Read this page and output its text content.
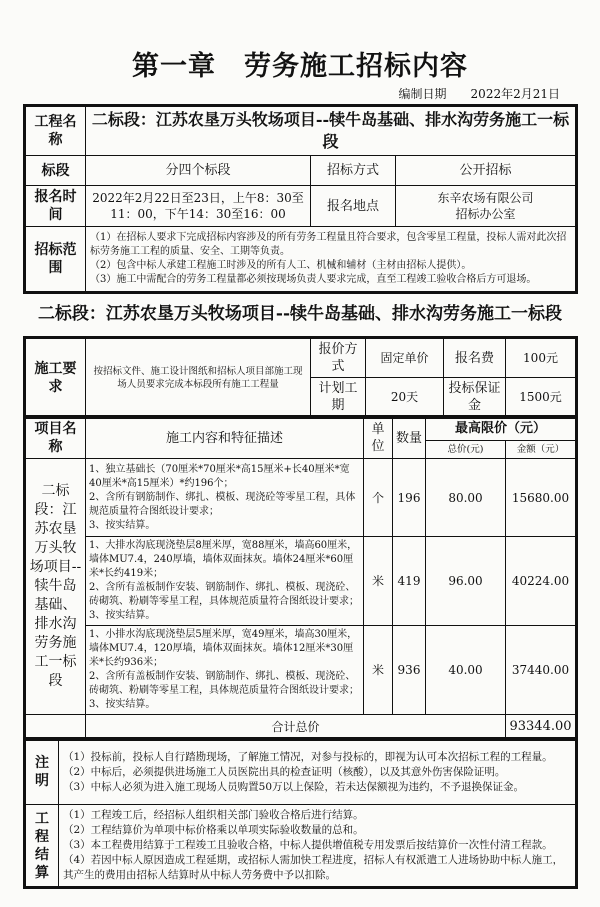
第一章　劳务施工招标内容
编制日期 2022年2月21日
工程名称	二标段：江苏农垦万头牧场项目--犊牛岛基础、排水沟劳务施工一标段		
标段	分四个标段	招标方式	公开招标
报名时间	2022年2月22日至23日，上午8：30至11：00，下午14：30至16：00	报名地点	东辛农场有限公司
招标办公室

招标范围	（1）在招标人要求下完成招标内容涉及的所有劳务工程量且符合要求，包含零星工程量，投标人需对此次招标劳务施工工程的质量、安全、工期等负责。
（2）包含中标人承建工程施工时涉及的所有人工、机械和辅材（主材由招标人提供）。
（3）施工中需配合的劳务工程量都必须按现场负责人要求完成，直至工程竣工验收合格后方可退场。		
二标段：江苏农垦万头牧场项目--犊牛岛基础、排水沟劳务施工一标段
施工要求	按招标文件、施工设计图纸和招标人项目部施工现场人员要求完成本标段所有施工工程量	报价方式	固定单价	报名费	100元
		计划工期	20天	投标保证金	1500元
项目名称	施工内容和特征描述	单位	数量	最高限价（元）	
				总价(元)	金额（元）
二标段：江苏农垦万头牧场项目--犊牛岛基础、排水沟劳务施工一标段	1、独立基础长（70厘米*70厘米*高15厘米+长40厘米*宽40厘米*高15厘米）*约196个；
2、含所有钢筋制作、绑扎、模板、现浇砼等零星工程，具体规范质量符合图纸设计要求；
3、按实结算。	个	196	80.00	15680.00

	1、大排水沟底现浇垫层8厘米厚，宽88厘米，墙高60厘米，墙体MU7.4，240厚墙，墙体双面抹灰。墙体24厘米*60厘米*长约419米；
2、含所有盖板制作安装、钢筋制作、绑扎、模板、现浇砼、砖砌筑、粉刷等零星工程，具体规范质量符合图纸设计要求；
3、按实结算。	米	419	96.00	40224.00

	1、小排水沟底现浇垫层5厘米厚，宽49厘米，墙高30厘米，墙体MU7.4，120厚墙，墙体双面抹灰。墙体12厘米*30厘米*长约936米；
2、含所有盖板制作安装、钢筋制作、绑扎、模板、现浇砼、砖砌筑、粉刷等零星工程，具体规范质量符合图纸设计要求；
3、按实结算。	米	936	40.00	37440.00
	合计总价				93344.00
注明	（1）投标前，投标人自行踏勘现场，了解施工情况，对参与投标的，即视为认可本次招标工程的工程量。
（2）中标后，必须提供进场施工人员医院出具的检查证明（核酸），以及其意外伤害保险证明。
（3）中标人必须为进入施工现场人员购置50万以上保险，若未达保额视为违约，不予退换保证金。

工程结算	（1）工程竣工后，经招标人组织相关部门验收合格后进行结算。
（2）工程结算价为单项中标价格乘以单项实际验收数量的总和。
（3）本工程费用结算于工程竣工且验收合格，中标人提供增值税专用发票后按结算价一次性付清工程款。
（4）若因中标人原因造成工程延期，或招标人需加快工程进度，招标人有权派遣工人进场协助中标人施工，其产生的费用由招标人结算时从中标人劳务费中予以扣除。
